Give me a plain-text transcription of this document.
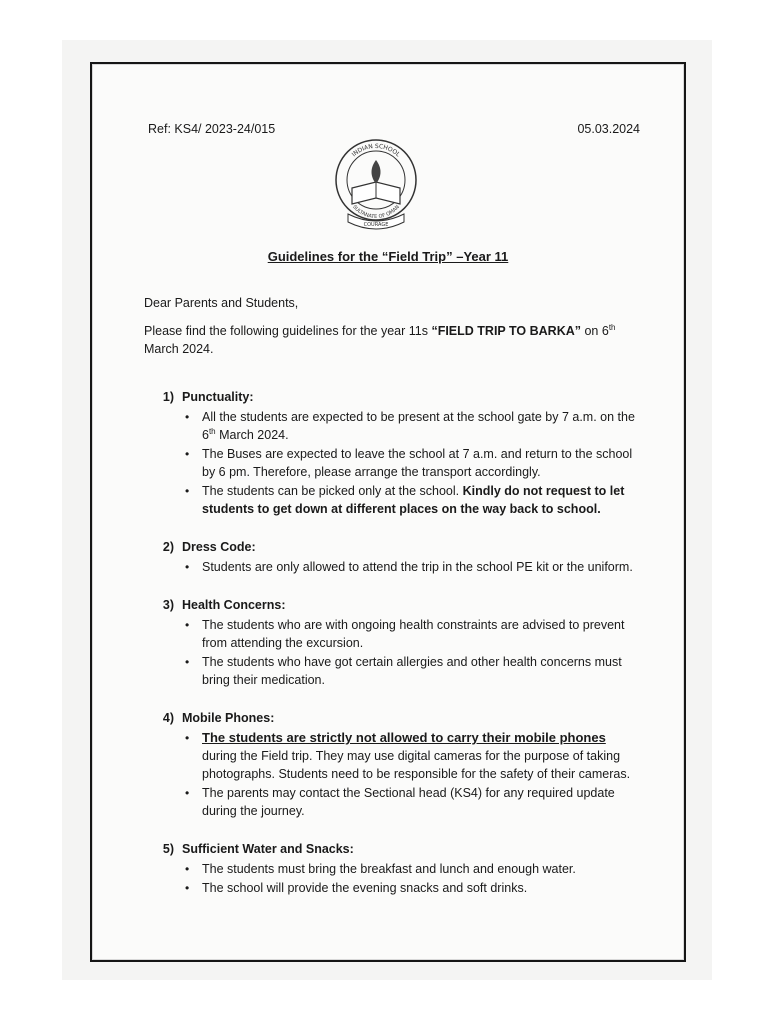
Ref: KS4/ 2023-24/015	05.03.2024
INDIAN SCHOOL
SULTANATE OF OMAN
COURAGE
Guidelines for the “Field Trip” –Year 11

Dear Parents and Students,

Please find the following guidelines for the year 11s “FIELD TRIP TO BARKA” on 6th March 2024.

1) Punctuality:
• All the students are expected to be present at the school gate by 7 a.m. on the 6th March 2024.
• The Buses are expected to leave the school at 7 a.m. and return to the school by 6 pm. Therefore, please arrange the transport accordingly.
• The students can be picked only at the school. Kindly do not request to let students to get down at different places on the way back to school.
2) Dress Code:
• Students are only allowed to attend the trip in the school PE kit or the uniform.
3) Health Concerns:
• The students who are with ongoing health constraints are advised to prevent from attending the excursion.
• The students who have got certain allergies and other health concerns must bring their medication.
4) Mobile Phones:
• The students are strictly not allowed to carry their mobile phones during the Field trip. They may use digital cameras for the purpose of taking photographs. Students need to be responsible for the safety of their cameras.
• The parents may contact the Sectional head (KS4) for any required update during the journey.
5) Sufficient Water and Snacks:
• The students must bring the breakfast and lunch and enough water.
• The school will provide the evening snacks and soft drinks.
